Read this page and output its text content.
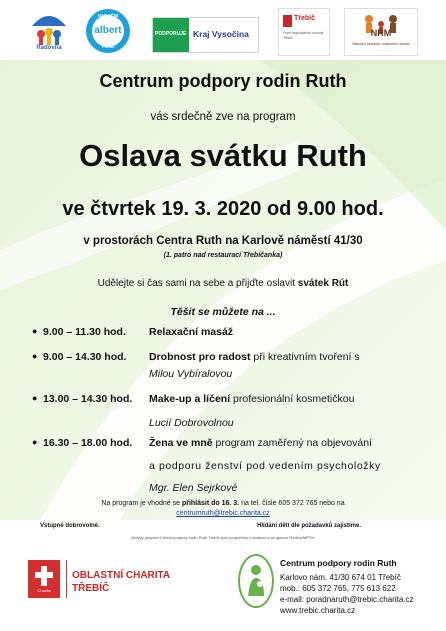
Radovna
NADAČNÍ
albert
FOND
PODPORUJE Kraj Vysočina
Třebíč
Fond regionálního rozvoje Třebíč	NRM
Národní centrum rodinného zdraví
Centrum podpory rodin Ruth
vás srdečně zve na program
Oslava svátku Ruth
ve čtvrtek 19. 3. 2020 od 9.00 hod.
v prostorách Centra Ruth na Karlově náměstí 41/30
(1. patro nad restaurací Třebíčanka)
Udělejte si čas sami na sebe a přijďte oslavit svátek Rút
Těšit se můžete na ...
● 9.00 – 11.30 hod. Relaxační masáž
● 9.00 – 14.30 hod. Drobnost pro radost při kreativním tvoření s
Milou Vybíralovou
● 13.00 – 14.30 hod. Make-up a líčení profesionální kosmetičkou
Lucií Dobrovolnou
● 16.30 – 18.00 hod. Žena ve mně program zaměřený na objevování
a podporu ženství pod vedením psycholožky
Mgr. Elen Sejrkové
Na program je vhodné se přihlásit do 16. 3. na tel. čísle 605 372 765 nebo na
centrumruth@trebic.charita.cz
Vstupné dobrovolné.	Hlídání dětí dle požadavků zajistíme.
Aktivity projektu Centra podpory rodin Ruth Třebíč jsou podpořeny z dotačního programu Rodina MPSV.
Charita
OBLASTNÍ CHARITA
TŘEBÍČ
Centrum podpory rodin Ruth
Karlovo nám. 41/30 674 01 Třebíč
mob.: 605 372 765, 775 613 622
e-mail: poradnaruth@trebic.charita.cz
www.trebic.charita.cz
